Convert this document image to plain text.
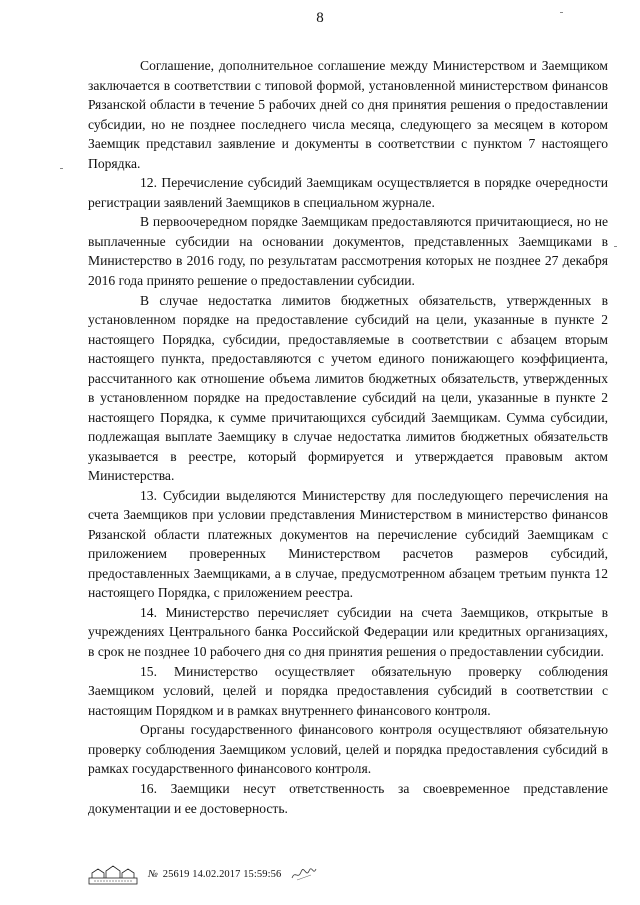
8

Соглашение, дополнительное соглашение между Министерством и Заемщиком заключается в соответствии с типовой формой, установленной министерством финансов Рязанской области в течение 5 рабочих дней со дня принятия решения о предоставлении субсидии, но не позднее последнего числа месяца, следующего за месяцем в котором Заемщик представил заявление и документы в соответствии с пунктом 7 настоящего Порядка.

12. Перечисление субсидий Заемщикам осуществляется в порядке очередности регистрации заявлений Заемщиков в специальном журнале.

В первоочередном порядке Заемщикам предоставляются причитающиеся, но не выплаченные субсидии на основании документов, представленных Заемщиками в Министерство в 2016 году, по результатам рассмотрения которых не позднее 27 декабря 2016 года принято решение о предоставлении субсидии.

В случае недостатка лимитов бюджетных обязательств, утвержденных в установленном порядке на предоставление субсидий на цели, указанные в пункте 2 настоящего Порядка, субсидии, предоставляемые в соответствии с абзацем вторым настоящего пункта, предоставляются с учетом единого понижающего коэффициента, рассчитанного как отношение объема лимитов бюджетных обязательств, утвержденных в установленном порядке на предоставление субсидий на цели, указанные в пункте 2 настоящего Порядка, к сумме причитающихся субсидий Заемщикам. Сумма субсидии, подлежащая выплате Заемщику в случае недостатка лимитов бюджетных обязательств указывается в реестре, который формируется и утверждается правовым актом Министерства.

13. Субсидии выделяются Министерству для последующего перечисления на счета Заемщиков при условии представления Министерством в министерство финансов Рязанской области платежных документов на перечисление субсидий Заемщикам с приложением проверенных Министерством расчетов размеров субсидий, предоставленных Заемщиками, а в случае, предусмотренном абзацем третьим пункта 12 настоящего Порядка, с приложением реестра.

14. Министерство перечисляет субсидии на счета Заемщиков, открытые в учреждениях Центрального банка Российской Федерации или кредитных организациях, в срок не позднее 10 рабочего дня со дня принятия решения о предоставлении субсидии.

15. Министерство осуществляет обязательную проверку соблюдения Заемщиком условий, целей и порядка предоставления субсидий в соответствии с настоящим Порядком и в рамках внутреннего финансового контроля.

Органы государственного финансового контроля осуществляют обязательную проверку соблюдения Заемщиком условий, целей и порядка предоставления субсидий в рамках государственного финансового контроля.

16. Заемщики несут ответственность за своевременное представление документации и ее достоверность.

№ 25619 14.02.2017 15:59:56
